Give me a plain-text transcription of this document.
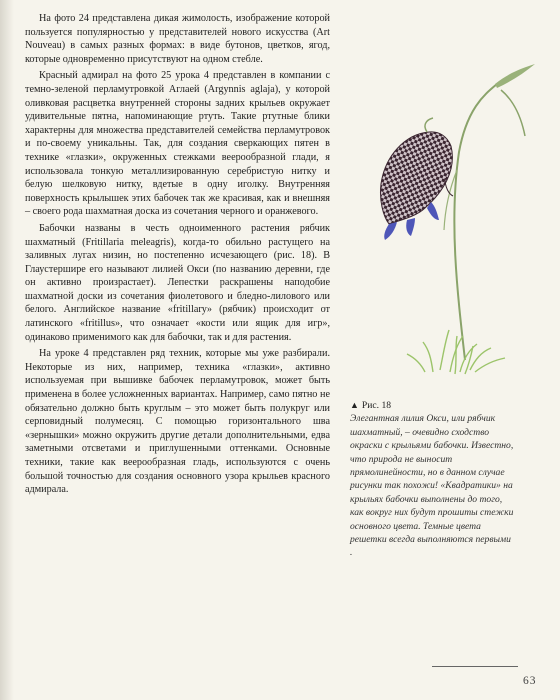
На фото 24 представлена дикая жимолость, изображение которой пользуется популярностью у представителей нового искусства (Art Nouveau) в самых разных формах: в виде бутонов, цветков, ягод, которые одновременно присутствуют на одном стебле.

Красный адмирал на фото 25 урока 4 представлен в компании с темно-зеленой перламутровкой Аглаей (Argynnis aglaja), у которой оливковая расцветка внутренней стороны задних крыльев окружает удивительные пятна, напоминающие ртуть. Такие ртутные блики характерны для множества представителей семейства перламутровок и по-своему уникальны. Так, для создания сверкающих пятен в технике «глазки», окруженных стежками веерообразной глади, я использовала тонкую металлизированную серебристую нитку и белую шелковую нитку, вдетые в одну иголку. Внутренняя поверхность крылышек этих бабочек так же красивая, как и внешняя – своего рода шахматная доска из сочетания черного и оранжевого.

Бабочки названы в честь одноименного растения рябчик шахматный (Fritillaria meleagris), когда-то обильно растущего на заливных лугах низин, но постепенно исчезающего (рис. 18). В Глаустершире его называют лилией Окси (по названию деревни, где он активно произрастает). Лепестки раскрашены наподобие шахматной доски из сочетания фиолетового и бледно-лилового или белого. Английское название «fritillary» (рябчик) происходит от латинского «fritillus», что означает «кости или ящик для игр», одинаково применимого как для бабочки, так и для растения.

На уроке 4 представлен ряд техник, которые мы уже разбирали. Некоторые из них, например, техника «глазки», активно используемая при вышивке бабочек перламутровок, может быть применена в более усложненных вариантах. Например, само пятно не обязательно должно быть круглым – это может быть полукруг или серповидный полумесяц. С помощью горизонтального шва «зернышки» можно окружить другие детали дополнительными, едва заметными отсветами и приглушенными оттенками. Основные техники, такие как веерообразная гладь, используются с очень большой точностью для создания основного узора крыльев красного адмирала.

▲ Рис. 18
Элегантная лилия Окси, или рябчик шахматный, – очевидно сходство окраски с крыльями бабочки. Известно, что природа не выносит прямолинейности, но в данном случае рисунки так похожи! «Квадратики» на крыльях бабочки выполнены до того, как вокруг них будут прошиты стежки основного цвета. Темные цвета решетки всегда выполняются первыми .
63
